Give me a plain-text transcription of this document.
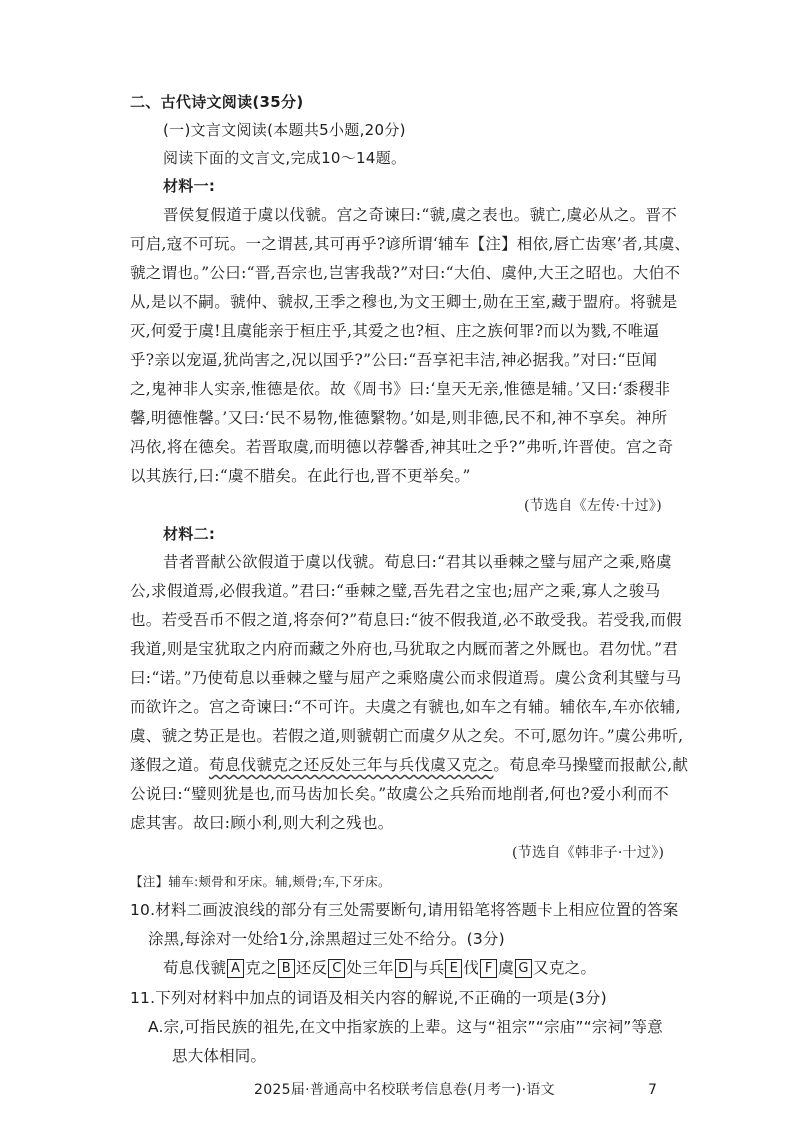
二、古代诗文阅读(35分)
(一)文言文阅读(本题共5小题,20分)
阅读下面的文言文,完成10～14题。
材料一:
晋侯复假道于虞以伐虢。宫之奇谏曰:“虢,虞之表也。虢亡,虞必从之。晋不
可启,寇不可玩。一之谓甚,其可再乎?谚所谓‘辅车【注】相依,唇亡齿寒’者,其虞、
虢之谓也。”公曰:“晋,吾宗也,岂害我哉?”对曰:“大伯、虞仲,大王之昭也。大伯不
从,是以不嗣。虢仲、虢叔,王季之穆也,为文王卿士,勋在王室,藏于盟府。将虢是
灭,何爱于虞!且虞能亲于桓庄乎,其爱之也?桓、庄之族何罪?而以为戮,不唯逼
乎?亲以宠逼,犹尚害之,况以国乎?”公曰:“吾享祀丰洁,神必据我。”对曰:“臣闻
之,鬼神非人实亲,惟德是依。故《周书》曰:‘皇天无亲,惟德是辅。’又曰:‘黍稷非
馨,明德惟馨。’又曰:‘民不易物,惟德繄物。’如是,则非德,民不和,神不享矣。神所
冯依,将在德矣。若晋取虞,而明德以荐馨香,神其吐之乎?”弗听,许晋使。宫之奇
以其族行,曰:“虞不腊矣。在此行也,晋不更举矣。”
(节选自《左传·十过》)
材料二:
昔者晋献公欲假道于虞以伐虢。荀息曰:“君其以垂棘之璧与屈产之乘,赂虞
公,求假道焉,必假我道。”君曰:“垂棘之璧,吾先君之宝也;屈产之乘,寡人之骏马
也。若受吾币不假之道,将奈何?”荀息曰:“彼不假我道,必不敢受我。若受我,而假
我道,则是宝犹取之内府而藏之外府也,马犹取之内厩而著之外厩也。君勿忧。”君
曰:“诺。”乃使荀息以垂棘之璧与屈产之乘赂虞公而求假道焉。虞公贪利其璧与马
而欲许之。宫之奇谏曰:“不可许。夫虞之有虢也,如车之有辅。辅依车,车亦依辅,
虞、虢之势正是也。若假之道,则虢朝亡而虞夕从之矣。不可,愿勿许。”虞公弗听,
遂假之道。荀息伐虢克之还反处三年与兵伐虞又克之。荀息牵马操璧而报献公,献
公说曰:“璧则犹是也,而马齿加长矣。”故虞公之兵殆而地削者,何也?爱小利而不
虑其害。故曰:顾小利,则大利之残也。
(节选自《韩非子·十过》)
【注】辅车:颊骨和牙床。辅,颊骨;车,下牙床。
10.材料二画波浪线的部分有三处需要断句,请用铅笔将答题卡上相应位置的答案
涂黑,每涂对一处给1分,涂黑超过三处不给分。(3分)
荀息伐虢 A 克之 B 还反 C 处三年 D 与兵 E 伐 F 虞 G 又克之。
11.下列对材料中加点的词语及相关内容的解说,不正确的一项是(3分)
A.宗,可指民族的祖先,在文中指家族的上辈。这与“祖宗”“宗庙”“宗祠”等意
思大体相同。
2025届·普通高中名校联考信息卷(月考一)·语文	7
